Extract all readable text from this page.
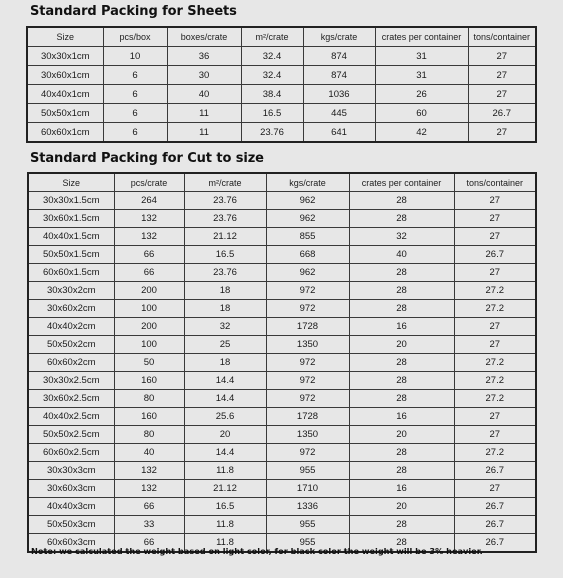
Standard Packing for Sheets
Size	pcs/box	boxes/crate	m²/crate	kgs/crate	crates per container	tons/container
30x30x1cm	10	36	32.4	874	31	27
30x60x1cm	6	30	32.4	874	31	27
40x40x1cm	6	40	38.4	1036	26	27
50x50x1cm	6	11	16.5	445	60	26.7
60x60x1cm	6	11	23.76	641	42	27
Standard Packing for Cut to size
Size	pcs/crate	m²/crate	kgs/crate	crates per container	tons/container
30x30x1.5cm	264	23.76	962	28	27
30x60x1.5cm	132	23.76	962	28	27
40x40x1.5cm	132	21.12	855	32	27
50x50x1.5cm	66	16.5	668	40	26.7
60x60x1.5cm	66	23.76	962	28	27
30x30x2cm	200	18	972	28	27.2
30x60x2cm	100	18	972	28	27.2
40x40x2cm	200	32	1728	16	27
50x50x2cm	100	25	1350	20	27
60x60x2cm	50	18	972	28	27.2
30x30x2.5cm	160	14.4	972	28	27.2
30x60x2.5cm	80	14.4	972	28	27.2
40x40x2.5cm	160	25.6	1728	16	27
50x50x2.5cm	80	20	1350	20	27
60x60x2.5cm	40	14.4	972	28	27.2
30x30x3cm	132	11.8	955	28	26.7
30x60x3cm	132	21.12	1710	16	27
40x40x3cm	66	16.5	1336	20	26.7
50x50x3cm	33	11.8	955	28	26.7
60x60x3cm	66	11.8	955	28	26.7

Note: we calculated the weight based on light color, for black color the weight will be 3% heavier.
